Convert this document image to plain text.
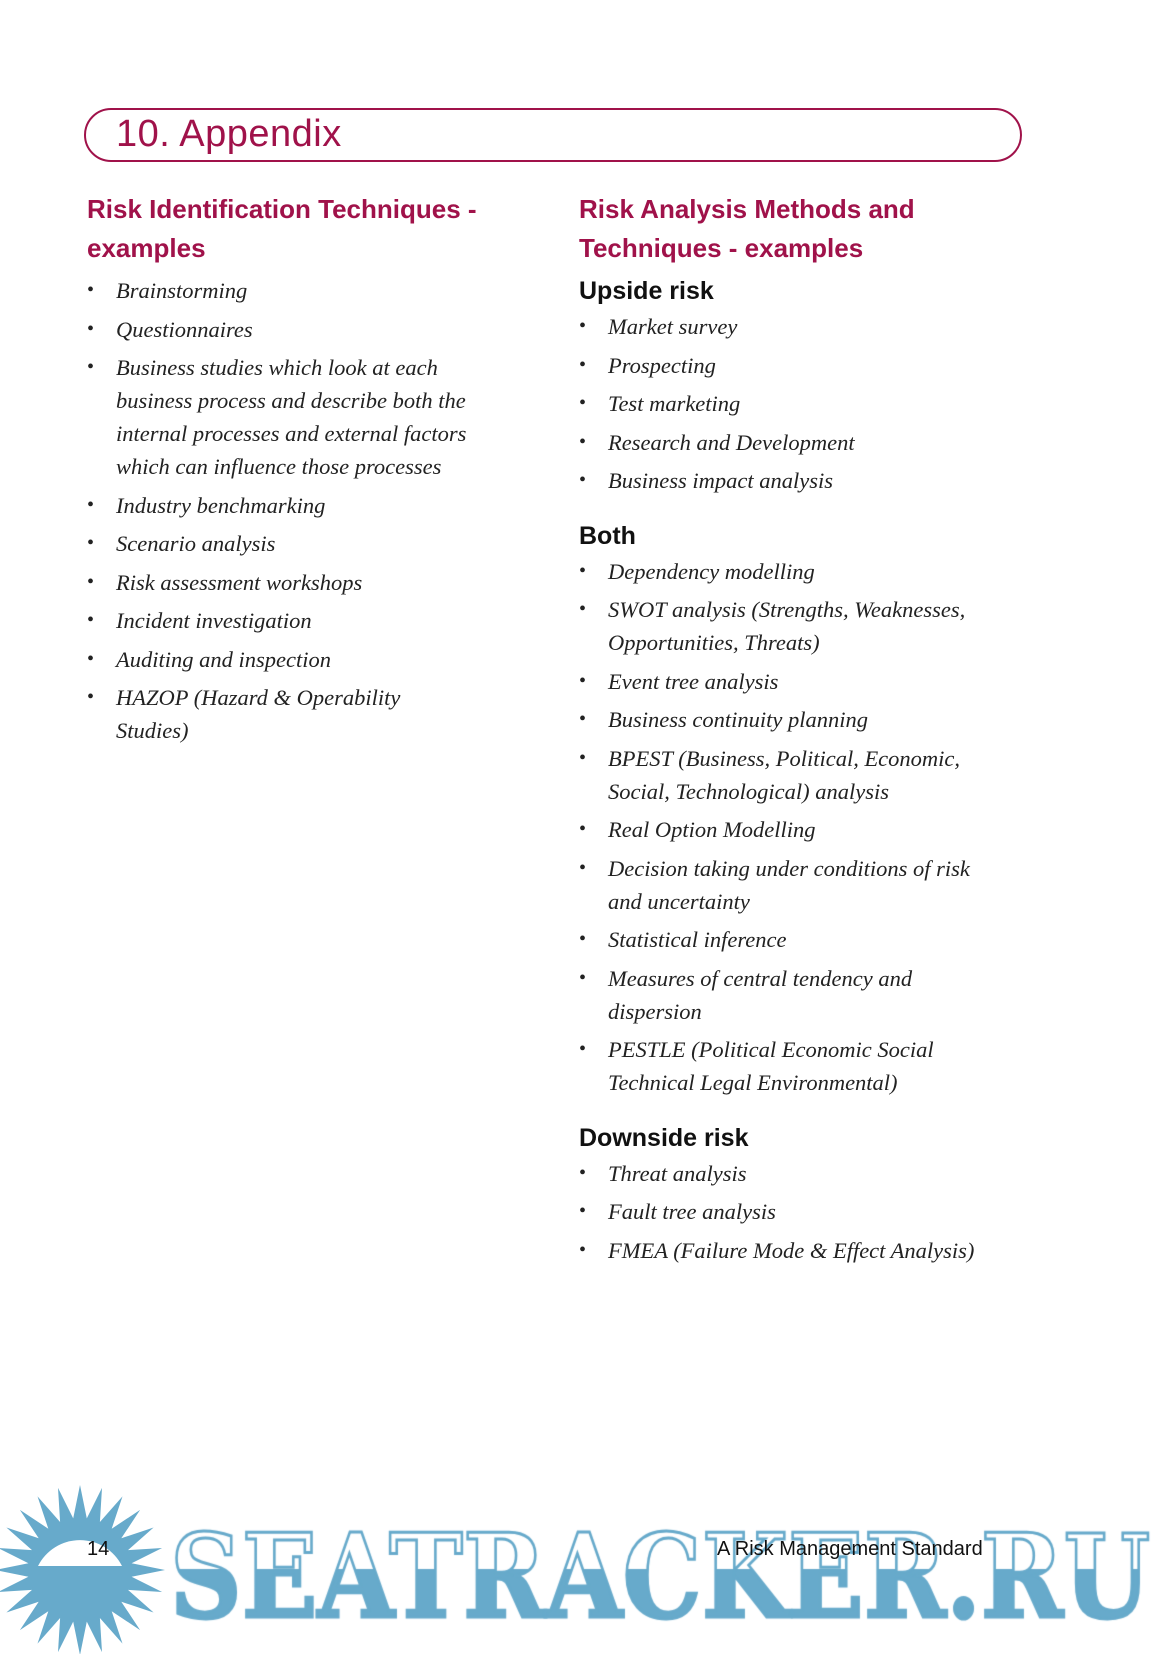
10. Appendix
Risk Identification Techniques -
examples
• Brainstorming
• Questionnaires
• Business studies which look at each
business process and describe both the
internal processes and external factors
which can influence those processes
• Industry benchmarking
• Scenario analysis
• Risk assessment workshops
• Incident investigation
• Auditing and inspection
• HAZOP (Hazard & Operability
Studies)
Risk Analysis Methods and
Techniques - examples
Upside risk
• Market survey
• Prospecting
• Test marketing
• Research and Development
• Business impact analysis
Both
• Dependency modelling
• SWOT analysis (Strengths, Weaknesses,
Opportunities, Threats)
• Event tree analysis
• Business continuity planning
• BPEST (Business, Political, Economic,
Social, Technological) analysis
• Real Option Modelling
• Decision taking under conditions of risk
and uncertainty
• Statistical inference
• Measures of central tendency and
dispersion
• PESTLE (Political Economic Social
Technical Legal Environmental)
Downside risk
• Threat analysis
• Fault tree analysis
• FMEA (Failure Mode & Effect Analysis)
14	A Risk Management Standard
